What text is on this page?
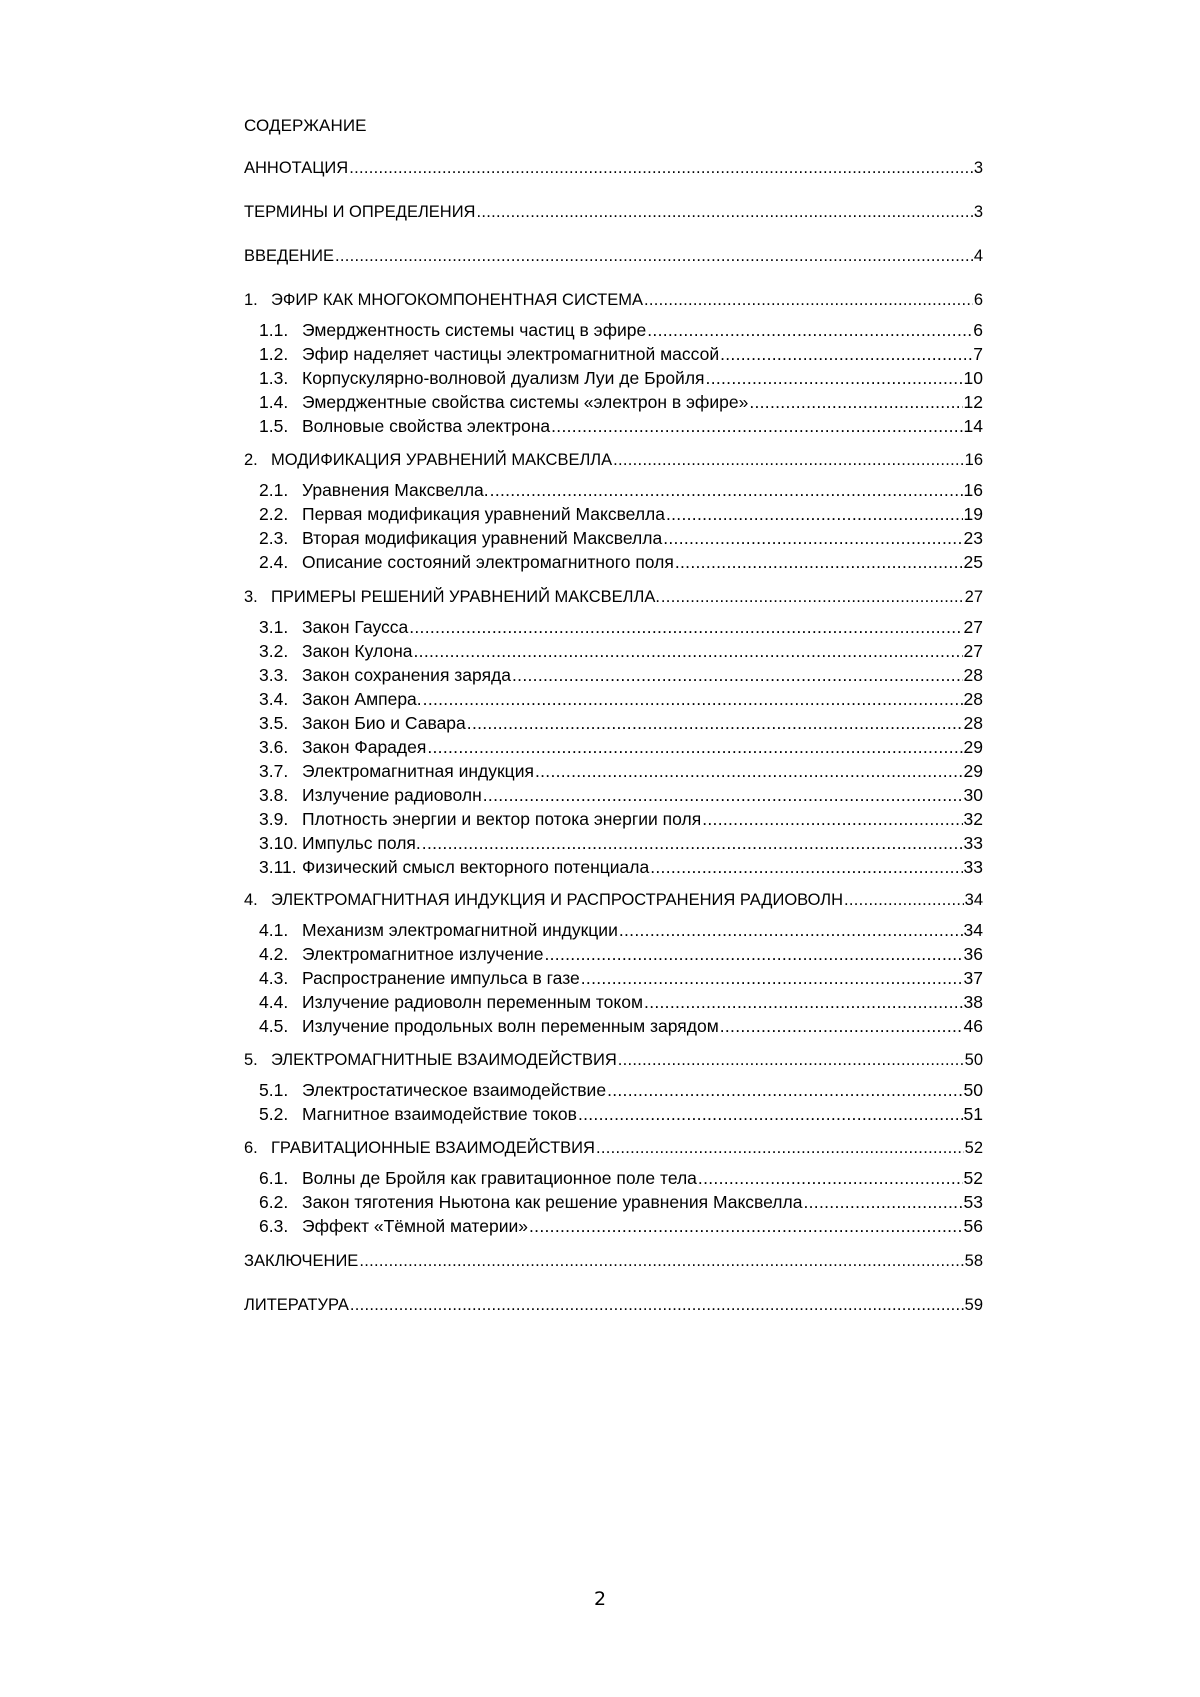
СОДЕРЖАНИЕ
АННОТАЦИЯ .....	3
ТЕРМИНЫ И ОПРЕДЕЛЕНИЯ .....	3
ВВЕДЕНИЕ .....	4
1. ЭФИР КАК МНОГОКОМПОНЕНТНАЯ СИСТЕМА .....	6
1.1. Эмерджентность системы частиц в эфире .....	6
1.2. Эфир наделяет частицы электромагнитной массой .....	7
1.3. Корпускулярно-волновой дуализм Луи де Бройля .....	10
1.4. Эмерджентные свойства системы «электрон в эфире» .....	12
1.5. Волновые свойства электрона .....	14
2. МОДИФИКАЦИЯ УРАВНЕНИЙ МАКСВЕЛЛА .....	16
2.1. Уравнения Максвелла. .....	16
2.2. Первая модификация уравнений Максвелла .....	19
2.3. Вторая модификация уравнений Максвелла .....	23
2.4. Описание состояний электромагнитного поля .....	25
3. ПРИМЕРЫ РЕШЕНИЙ УРАВНЕНИЙ МАКСВЕЛЛА. .....	27
3.1. Закон Гаусса .....	27
3.2. Закон Кулона .....	27
3.3. Закон сохранения заряда .....	28
3.4. Закон Ампера. .....	28
3.5. Закон Био и Савара .....	28
3.6. Закон Фарадея .....	29
3.7. Электромагнитная индукция .....	29
3.8. Излучение радиоволн .....	30
3.9. Плотность энергии и вектор потока энергии поля .....	32
3.10. Импульс поля. .....	33
3.11. Физический смысл векторного потенциала .....	33
4. ЭЛЕКТРОМАГНИТНАЯ ИНДУКЦИЯ И РАСПРОСТРАНЕНИЯ РАДИОВОЛН .....	34
4.1. Механизм электромагнитной индукции .....	34
4.2. Электромагнитное излучение .....	36
4.3. Распространение импульса в газе .....	37
4.4. Излучение радиоволн переменным током .....	38
4.5. Излучение продольных волн переменным зарядом .....	46
5. ЭЛЕКТРОМАГНИТНЫЕ ВЗАИМОДЕЙСТВИЯ .....	50
5.1. Электростатическое взаимодействие .....	50
5.2. Магнитное взаимодействие токов .....	51
6. ГРАВИТАЦИОННЫЕ ВЗАИМОДЕЙСТВИЯ .....	52
6.1. Волны де Бройля как гравитационное поле тела .....	52
6.2. Закон тяготения Ньютона как решение уравнения Максвелла .....	53
6.3. Эффект «Тёмной материи» .....	56
ЗАКЛЮЧЕНИЕ .....	58
ЛИТЕРАТУРА .....	59
2
